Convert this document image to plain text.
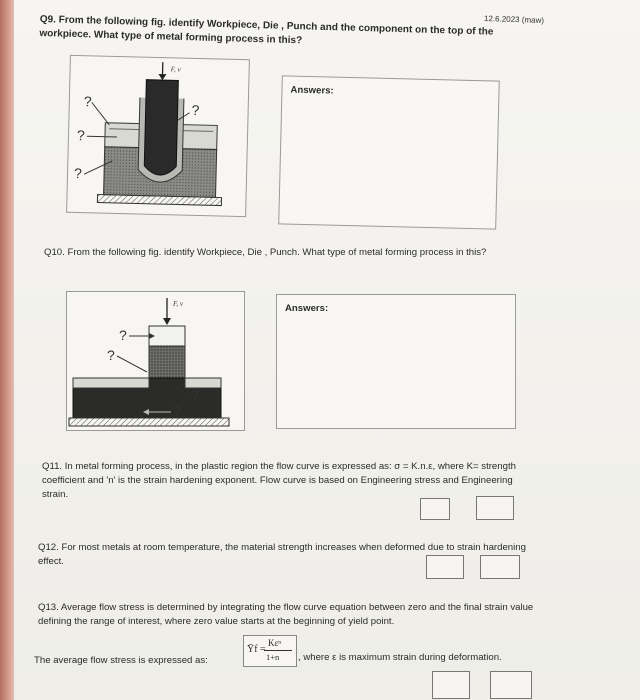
12.6.2023 (maw)
Q9. From the following fig. identify Workpiece, Die , Punch and the component on the top of the workpiece. What type of metal forming process in this?
F, v
?
?
?
?
Answers:
Q10. From the following fig. identify Workpiece, Die , Punch. What type of metal forming process in this?
F, v
?
?
?
?
Answers:
Q11. In metal forming process, in the plastic region the flow curve is expressed as: σ = K.n.ε, where K= strength coefficient and 'n' is the strain hardening exponent. Flow curve is based on Engineering stress and Engineering strain.
Q12. For most metals at room temperature, the material strength increases when deformed due to strain hardening effect.
Q13. Average flow stress is determined by integrating the flow curve equation between zero and the final strain value defining the range of interest, where zero value starts at the beginning of yield point.
The average flow stress is expressed as:
Ȳf =
Kεⁿ
1+n , where ε is maximum strain during deformation.
